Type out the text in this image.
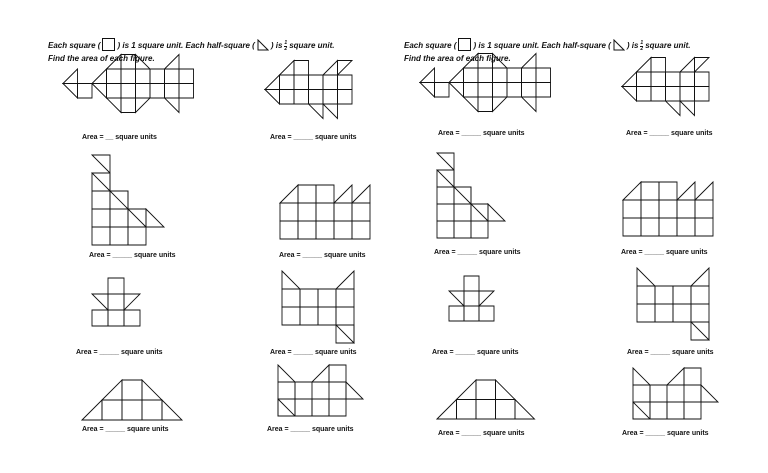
Each square ( ) is 1 square unit. Each half-square ( ) is $\frac{1}{2}$ square unit.
Find the area of each figure.
Area = __ square units	Area = _____ square units
Area = _____ square units	Area = _____ square units
Area = _____ square units	Area = _____ square units
Area = _____ square units	Area = _____ square units
Each square ( ) is 1 square unit. Each half-square ( ) is $\frac{1}{2}$ square unit.
Find the area of each figure.
Area = _____ square units	Area = _____ square units
Area = _____ square units	Area = _____ square units
Area = _____ square units	Area = _____ square units
Area = _____ square units	Area = _____ square units
